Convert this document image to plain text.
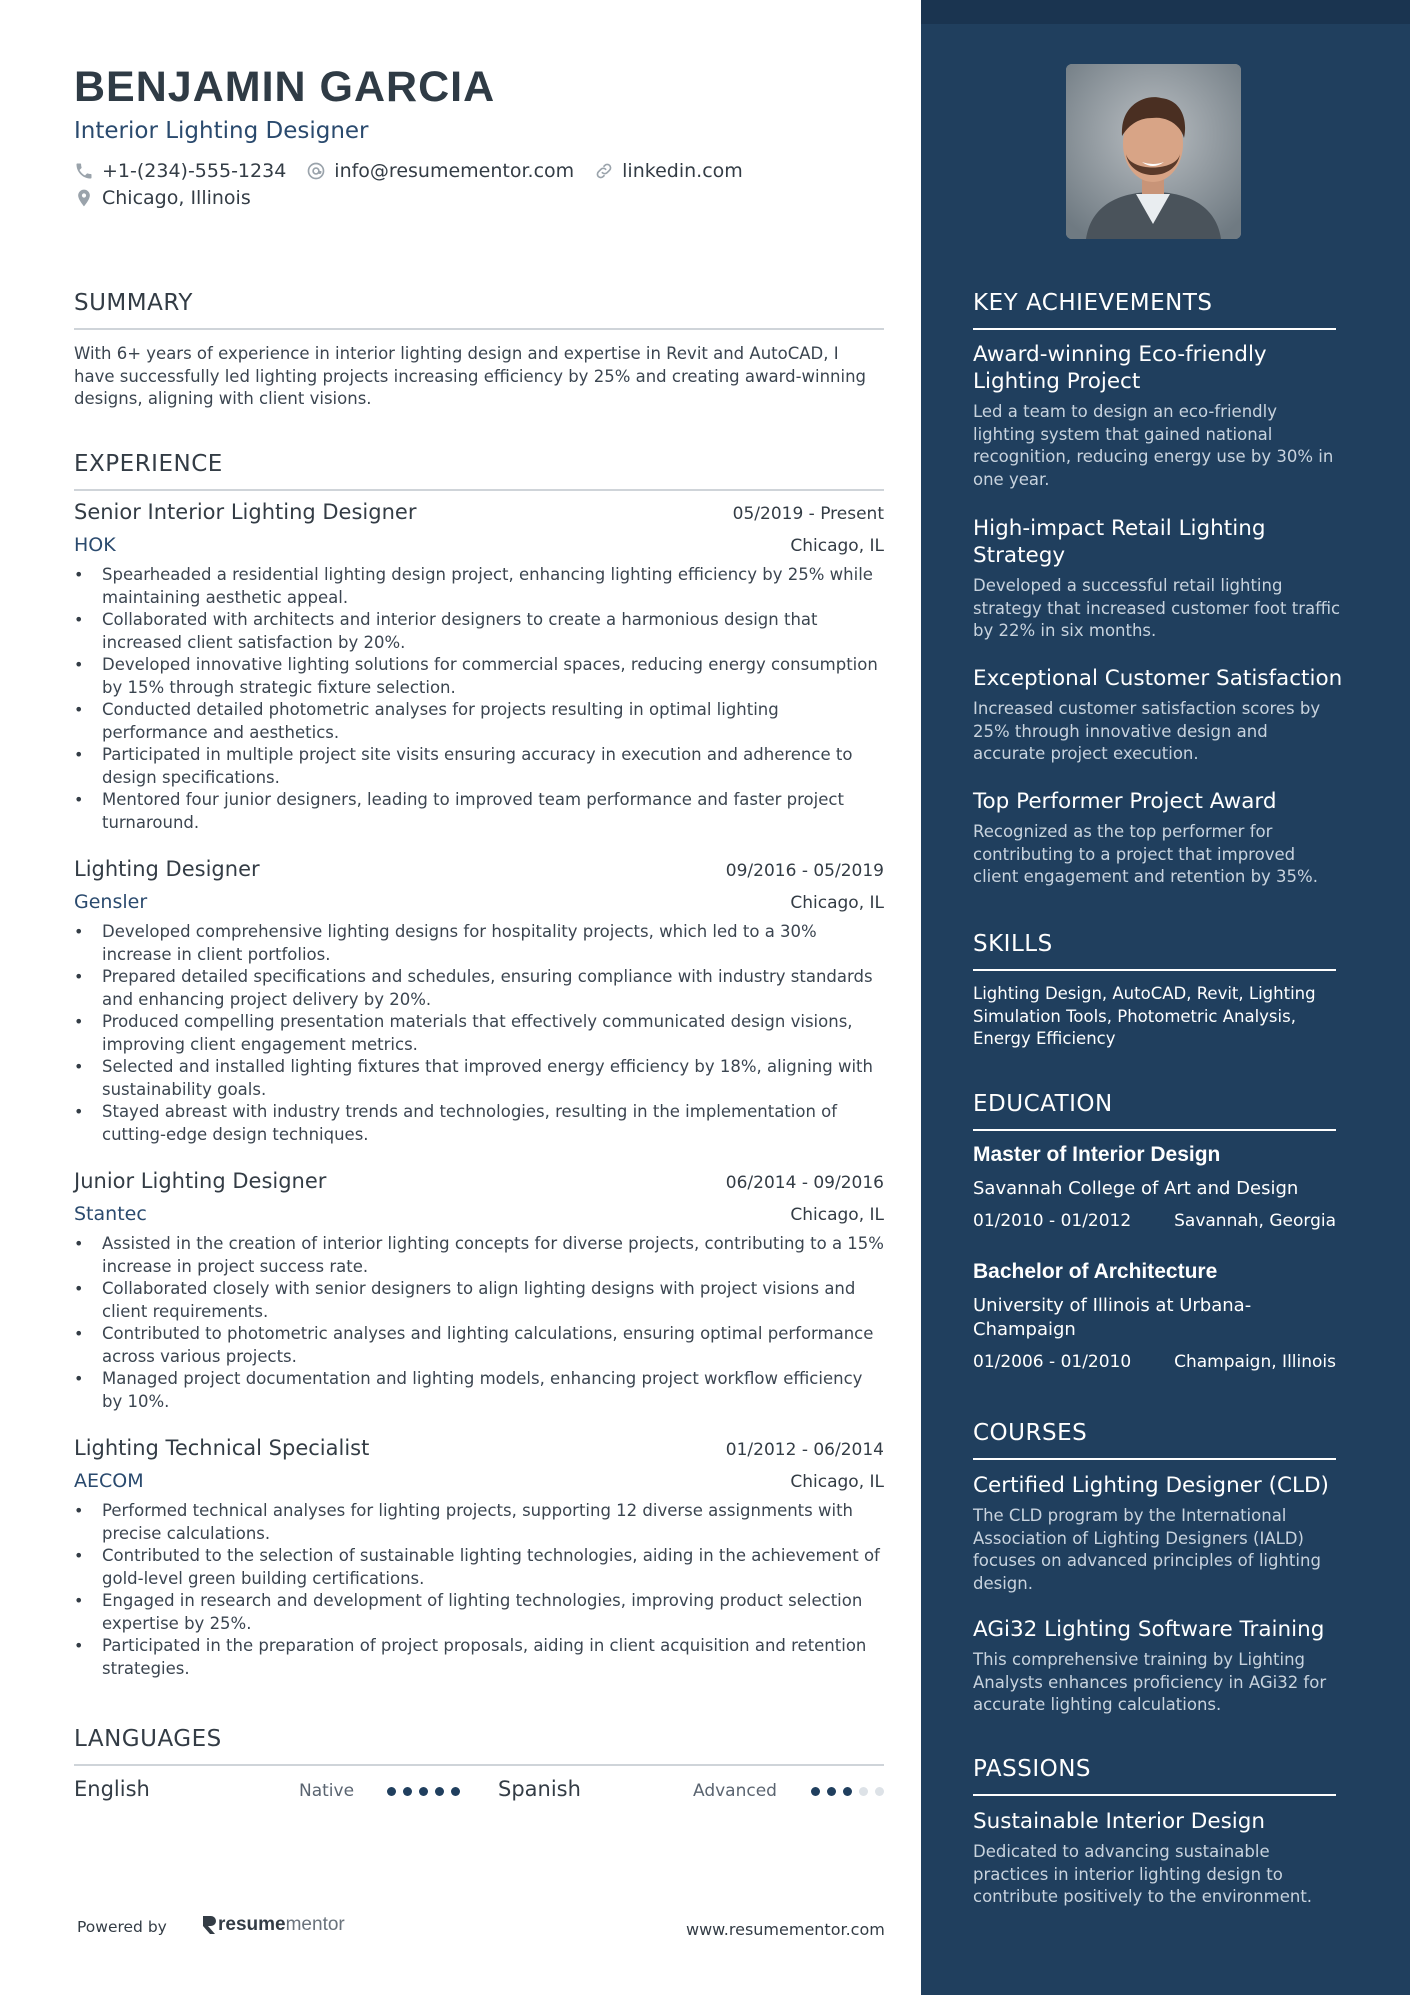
BENJAMIN GARCIA
Interior Lighting Designer
+1-(234)-555-1234	info@resumementor.com	linkedin.com
Chicago, Illinois
SUMMARY

With 6+ years of experience in interior lighting design and expertise in Revit and AutoCAD, I have successfully led lighting projects increasing efficiency by 25% and creating award-winning designs, aligning with client visions.

EXPERIENCE
Senior Interior Lighting Designer	05/2019 - Present
HOK	Chicago, IL
• Spearheaded a residential lighting design project, enhancing lighting efficiency by 25% while maintaining aesthetic appeal.
• Collaborated with architects and interior designers to create a harmonious design that increased client satisfaction by 20%.
• Developed innovative lighting solutions for commercial spaces, reducing energy consumption by 15% through strategic fixture selection.
• Conducted detailed photometric analyses for projects resulting in optimal lighting performance and aesthetics.
• Participated in multiple project site visits ensuring accuracy in execution and adherence to design specifications.
• Mentored four junior designers, leading to improved team performance and faster project turnaround.
Lighting Designer	09/2016 - 05/2019
Gensler	Chicago, IL
• Developed comprehensive lighting designs for hospitality projects, which led to a 30% increase in client portfolios.
• Prepared detailed specifications and schedules, ensuring compliance with industry standards and enhancing project delivery by 20%.
• Produced compelling presentation materials that effectively communicated design visions, improving client engagement metrics.
• Selected and installed lighting fixtures that improved energy efficiency by 18%, aligning with sustainability goals.
• Stayed abreast with industry trends and technologies, resulting in the implementation of cutting-edge design techniques.
Junior Lighting Designer	06/2014 - 09/2016
Stantec	Chicago, IL
• Assisted in the creation of interior lighting concepts for diverse projects, contributing to a 15% increase in project success rate.
• Collaborated closely with senior designers to align lighting designs with project visions and client requirements.
• Contributed to photometric analyses and lighting calculations, ensuring optimal performance across various projects.
• Managed project documentation and lighting models, enhancing project workflow efficiency by 10%.
Lighting Technical Specialist	01/2012 - 06/2014
AECOM	Chicago, IL
• Performed technical analyses for lighting projects, supporting 12 diverse assignments with precise calculations.
• Contributed to the selection of sustainable lighting technologies, aiding in the achievement of gold-level green building certifications.
• Engaged in research and development of lighting technologies, improving product selection expertise by 25%.
• Participated in the preparation of project proposals, aiding in client acquisition and retention strategies.
LANGUAGES
English	Native	Spanish	Advanced
Powered by	resumementor	www.resumementor.com
KEY ACHIEVEMENTS
Award-winning Eco-friendly Lighting Project
Led a team to design an eco-friendly lighting system that gained national recognition, reducing energy use by 30% in one year.
High-impact Retail Lighting Strategy
Developed a successful retail lighting strategy that increased customer foot traffic by 22% in six months.
Exceptional Customer Satisfaction
Increased customer satisfaction scores by 25% through innovative design and accurate project execution.
Top Performer Project Award
Recognized as the top performer for contributing to a project that improved client engagement and retention by 35%.
SKILLS
Lighting Design, AutoCAD, Revit, Lighting Simulation Tools, Photometric Analysis, Energy Efficiency
EDUCATION
Master of Interior Design
Savannah College of Art and Design
01/2010 - 01/2012	Savannah, Georgia
Bachelor of Architecture
University of Illinois at Urbana-Champaign
01/2006 - 01/2010	Champaign, Illinois
COURSES
Certified Lighting Designer (CLD)
The CLD program by the International Association of Lighting Designers (IALD) focuses on advanced principles of lighting design.
AGi32 Lighting Software Training
This comprehensive training by Lighting Analysts enhances proficiency in AGi32 for accurate lighting calculations.
PASSIONS
Sustainable Interior Design
Dedicated to advancing sustainable practices in interior lighting design to contribute positively to the environment.
